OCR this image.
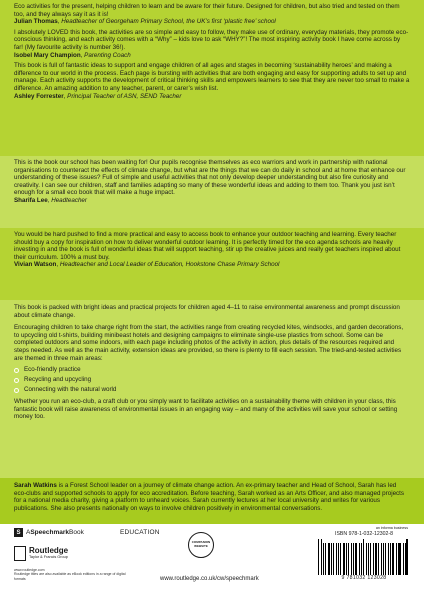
Eco activities for the present, helping children to learn and be aware for their future. Designed for children, but also tried and tested on them too, and they always say it as it is!

Julian Thomas, Headteacher of Georgeham Primary School, the UK’s first ‘plastic free’ school

I absolutely LOVED this book, the activities are so simple and easy to follow, they make use of ordinary, everyday materials, they promote eco-conscious thinking, and each activity comes with a “Why” – kids love to ask “WHY?”! The most inspiring activity book I have come across by far! (My favourite activity is number 36!).

Isobel Mary Champion, Parenting Coach

This book is full of fantastic ideas to support and engage children of all ages and stages in becoming ‘sustainability heroes’ and making a difference to our world in the process. Each page is bursting with activities that are both engaging and easy for supporting adults to set up and manage. Each activity supports the development of critical thinking skills and empowers learners to see that they are never too small to make a difference. An amazing addition to any teacher, parent, or carer’s wish list.

Ashley Forrester, Principal Teacher of ASN, SEND Teacher

This is the book our school has been waiting for! Our pupils recognise themselves as eco warriors and work in partnership with national organisations to counteract the effects of climate change, but what are the things that we can do daily in school and at home that enhance our understanding of these issues? Full of simple and useful activities that not only develop deeper understanding but also fire curiosity and creativity. I can see our children, staff and families adapting so many of these wonderful ideas and adding to them too. Thank you just isn’t enough for a small eco book that will make a huge impact.

Sharifa Lee, Headteacher

You would be hard pushed to find a more practical and easy to access book to enhance your outdoor teaching and learning. Every teacher should buy a copy for inspiration on how to deliver wonderful outdoor learning. It is perfectly timed for the eco agenda schools are heavily investing in and the book is full of wonderful ideas that will support teaching, stir up the creative juices and really get teachers inspired about their curriculum. 100% a must buy.

Vivian Watson, Headteacher and Local Leader of Education, Hookstone Chase Primary School

This book is packed with bright ideas and practical projects for children aged 4–11 to raise environmental awareness and prompt discussion about climate change.

Encouraging children to take charge right from the start, the activities range from creating recycled kites, windsocks, and garden decorations, to upcycling old t-shirts, building minibeast hotels and designing campaigns to eliminate single-use plastics from school. Some can be completed outdoors and some indoors, with each page including photos of the activity in action, plus details of the resources required and steps needed. As well as the main activity, extension ideas are provided, so there is plenty to fill each session. The tried-and-tested activities are themed in three main areas:

Eco-friendly practice
Recycling and upcycling
Connecting with the natural world

Whether you run an eco-club, a craft club or you simply want to facilitate activities on a sustainability theme with children in your class, this fantastic book will raise awareness of environmental issues in an engaging way – and many of the activities will save your school or setting money too.

Sarah Watkins is a Forest School leader on a journey of climate change action. An ex-primary teacher and Head of School, Sarah has led eco-clubs and supported schools to apply for eco accreditation. Before teaching, Sarah worked as an Arts Officer, and also managed projects for a national media charity, giving a platform to unheard voices. Sarah currently lectures at her local university and writes for various publications. She also presents nationally on ways to involve children positively in environmental conversations.

S A Speechmark Book	EDUCATION
Routledge
Taylor & Francis Group
www.routledge.com
Routledge titles are also available as eBook editions in a range of digital formats
COMPANION WEBSITE
www.routledge.co.uk/cw/speechmark
an informa business
ISBN 978-1-032-12302-8
9 781032 123028
